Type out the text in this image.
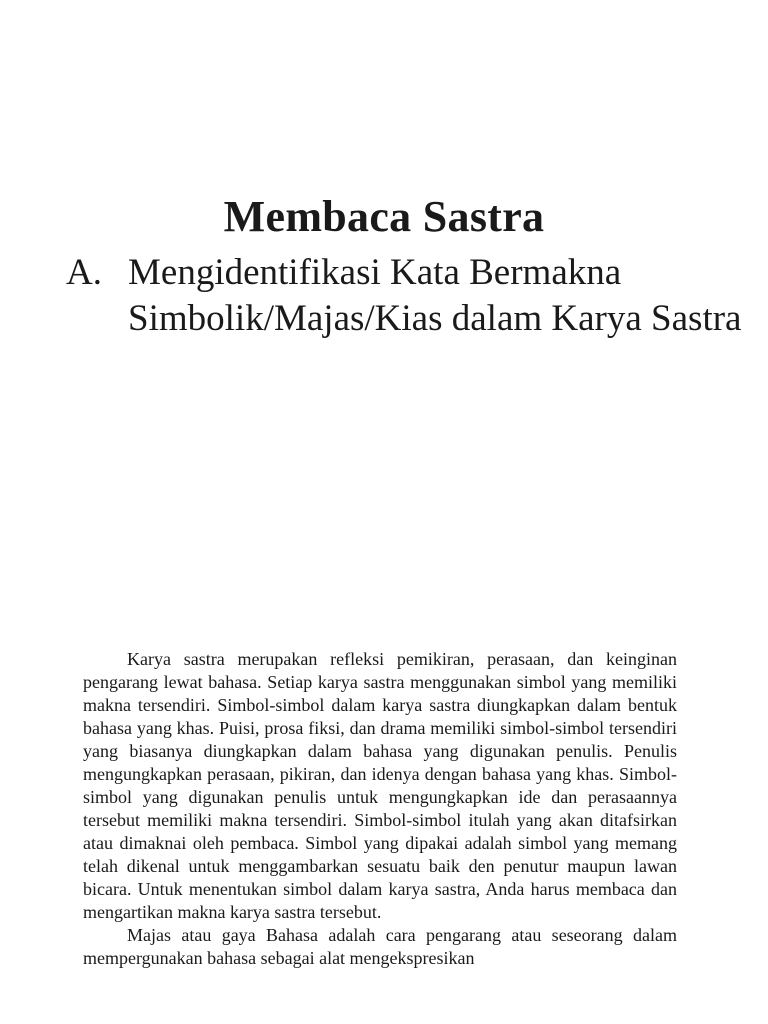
Membaca Sastra
A. Mengidentifikasi Kata Bermakna Simbolik/Majas/Kias dalam Karya Sastra

Karya sastra merupakan refleksi pemikiran, perasaan, dan keinginan pengarang lewat bahasa. Setiap karya sastra menggunakan simbol yang memiliki makna tersendiri. Simbol-simbol dalam karya sastra diungkapkan dalam bentuk bahasa yang khas. Puisi, prosa fiksi, dan drama memiliki simbol-simbol tersendiri yang biasanya diungkapkan dalam bahasa yang digunakan penulis. Penulis mengungkapkan perasaan, pikiran, dan idenya dengan bahasa yang khas. Simbol-simbol yang digunakan penulis untuk mengungkapkan ide dan perasaannya tersebut memiliki makna tersendiri. Simbol-simbol itulah yang akan ditafsirkan atau dimaknai oleh pembaca. Simbol yang dipakai adalah simbol yang memang telah dikenal untuk menggambarkan sesuatu baik den penutur maupun lawan bicara. Untuk menentukan simbol dalam karya sastra, Anda harus membaca dan mengartikan makna karya sastra tersebut.

Majas atau gaya Bahasa adalah cara pengarang atau seseorang dalam mempergunakan bahasa sebagai alat mengekspresikan
